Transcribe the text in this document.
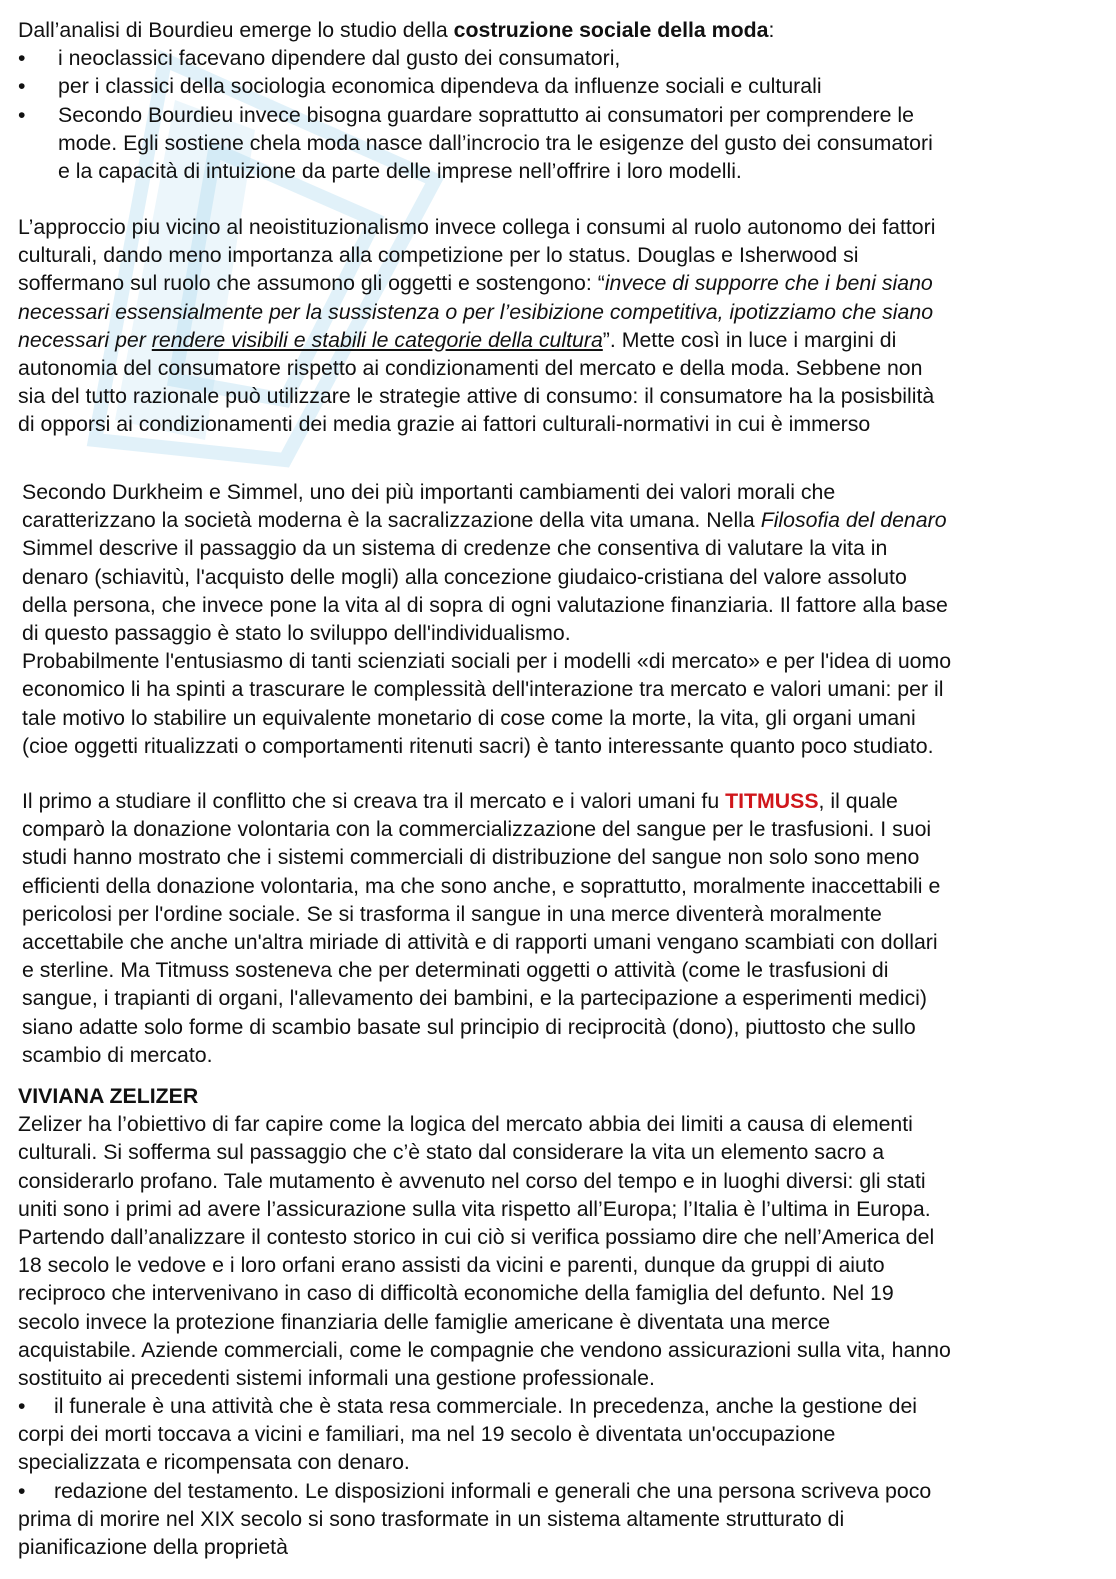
Dall’analisi di Bourdieu emerge lo studio della costruzione sociale della moda:
• i neoclassici facevano dipendere dal gusto dei consumatori,
• per i classici della sociologia economica dipendeva da influenze sociali e culturali
• Secondo Bourdieu invece bisogna guardare soprattutto ai consumatori per comprendere le
mode. Egli sostiene chela moda nasce dall’incrocio tra le esigenze del gusto dei consumatori
e la capacità di intuizione da parte delle imprese nell’offrire i loro modelli.
L’approccio piu vicino al neoistituzionalismo invece collega i consumi al ruolo autonomo dei fattori
culturali, dando meno importanza alla competizione per lo status. Douglas e Isherwood si
soffermano sul ruolo che assumono gli oggetti e sostengono: “invece di supporre che i beni siano
necessari essensialmente per la sussistenza o per l’esibizione competitiva, ipotizziamo che siano
necessari per rendere visibili e stabili le categorie della cultura”. Mette così in luce i margini di
autonomia del consumatore rispetto ai condizionamenti del mercato e della moda. Sebbene non
sia del tutto razionale può utilizzare le strategie attive di consumo: il consumatore ha la posisbilità
di opporsi ai condizionamenti dei media grazie ai fattori culturali-normativi in cui è immerso
Secondo Durkheim e Simmel, uno dei più importanti cambiamenti dei valori morali che
caratterizzano la società moderna è la sacralizzazione della vita umana. Nella Filosofia del denaro
Simmel descrive il passaggio da un sistema di credenze che consentiva di valutare la vita in
denaro (schiavitù, l'acquisto delle mogli) alla concezione giudaico-cristiana del valore assoluto
della persona, che invece pone la vita al di sopra di ogni valutazione finanziaria. Il fattore alla base
di questo passaggio è stato lo sviluppo dell'individualismo.
Probabilmente l'entusiasmo di tanti scienziati sociali per i modelli «di mercato» e per l'idea di uomo
economico li ha spinti a trascurare le complessità dell'interazione tra mercato e valori umani: per il
tale motivo lo stabilire un equivalente monetario di cose come la morte, la vita, gli organi umani
(cioe oggetti ritualizzati o comportamenti ritenuti sacri) è tanto interessante quanto poco studiato.
Il primo a studiare il conflitto che si creava tra il mercato e i valori umani fu TITMUSS, il quale
comparò la donazione volontaria con la commercializzazione del sangue per le trasfusioni. I suoi
studi hanno mostrato che i sistemi commerciali di distribuzione del sangue non solo sono meno
efficienti della donazione volontaria, ma che sono anche, e soprattutto, moralmente inaccettabili e
pericolosi per l'ordine sociale. Se si trasforma il sangue in una merce diventerà moralmente
accettabile che anche un'altra miriade di attività e di rapporti umani vengano scambiati con dollari
e sterline. Ma Titmuss sosteneva che per determinati oggetti o attività (come le trasfusioni di
sangue, i trapianti di organi, l'allevamento dei bambini, e la partecipazione a esperimenti medici)
siano adatte solo forme di scambio basate sul principio di reciprocità (dono), piuttosto che sullo
scambio di mercato.
VIVIANA ZELIZER
Zelizer ha l’obiettivo di far capire come la logica del mercato abbia dei limiti a causa di elementi
culturali. Si sofferma sul passaggio che c’è stato dal considerare la vita un elemento sacro a
considerarlo profano. Tale mutamento è avvenuto nel corso del tempo e in luoghi diversi: gli stati
uniti sono i primi ad avere l’assicurazione sulla vita rispetto all’Europa; l’Italia è l’ultima in Europa.
Partendo dall’analizzare il contesto storico in cui ciò si verifica possiamo dire che nell’America del
18 secolo le vedove e i loro orfani erano assisti da vicini e parenti, dunque da gruppi di aiuto
reciproco che intervenivano in caso di difficoltà economiche della famiglia del defunto. Nel 19
secolo invece la protezione finanziaria delle famiglie americane è diventata una merce
acquistabile. Aziende commerciali, come le compagnie che vendono assicurazioni sulla vita, hanno
sostituito ai precedenti sistemi informali una gestione professionale.
• il funerale è una attività che è stata resa commerciale. In precedenza, anche la gestione dei
corpi dei morti toccava a vicini e familiari, ma nel 19 secolo è diventata un'occupazione
specializzata e ricompensata con denaro.
• redazione del testamento. Le disposizioni informali e generali che una persona scriveva poco
prima di morire nel XIX secolo si sono trasformate in un sistema altamente strutturato di
pianificazione della proprietà
